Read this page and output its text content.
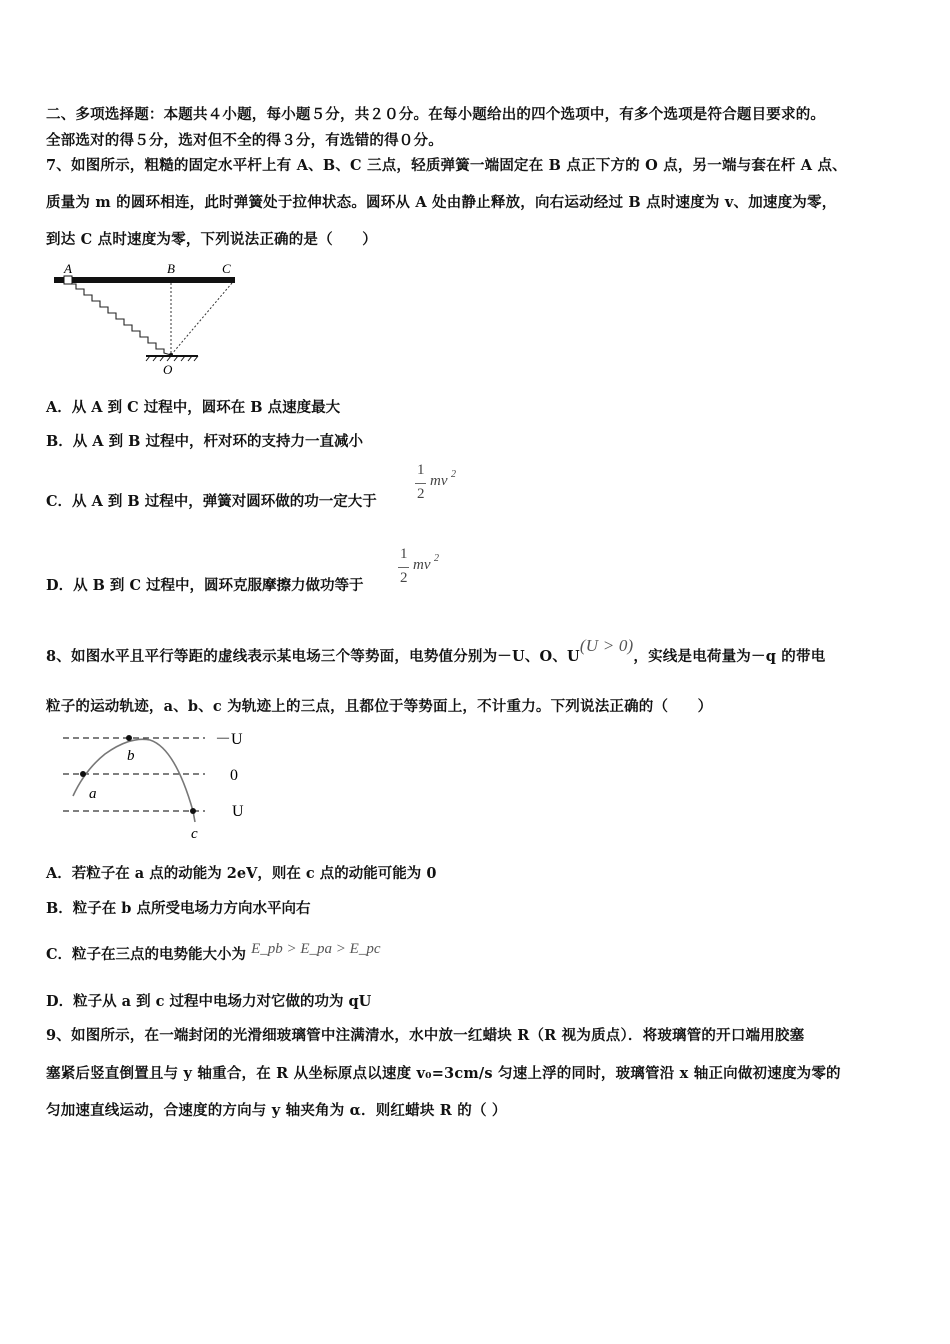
二、多项选择题：本题共４小题，每小题５分，共２０分。在每小题给出的四个选项中，有多个选项是符合题目要求的。
全部选对的得５分，选对但不全的得３分，有选错的得０分。
7、如图所示，粗糙的固定水平杆上有 A、B、C 三点，轻质弹簧一端固定在 B 点正下方的 O 点，另一端与套在杆 A 点、
质量为 m 的圆环相连，此时弹簧处于拉伸状态。圆环从 A 处由静止释放，向右运动经过 B 点时速度为 v、加速度为零，
到达 C 点时速度为零，下列说法正确的是（　　）
A	B	C
O
A．从 A 到 C 过程中，圆环在 B 点速度最大
B．从 A 到 B 过程中，杆对环的支持力一直减小
C．从 A 到 B 过程中，弹簧对圆环做的功一定大于
1
2
mv 2
D．从 B 到 C 过程中，圆环克服摩擦力做功等于
1
2
mv 2
8、如图水平且平行等距的虚线表示某电场三个等势面，电势值分别为－U、O、U(U > 0)，实线是电荷量为－q 的带电
粒子的运动轨迹，a、b、c 为轨迹上的三点，且都位于等势面上，不计重力。下列说法正确的（　　）
－U
0
U
b
a
c
A．若粒子在 a 点的动能为 2eV，则在 c 点的动能可能为 0
B．粒子在 b 点所受电场力方向水平向右
C．粒子在三点的电势能大小为 E_pb > E_pa > E_pc
D．粒子从 a 到 c 过程中电场力对它做的功为 qU
9、如图所示，在一端封闭的光滑细玻璃管中注满清水，水中放一红蜡块 R（R 视为质点）．将玻璃管的开口端用胶塞
塞紧后竖直倒置且与 y 轴重合，在 R 从坐标原点以速度 v₀=3cm/s 匀速上浮的同时，玻璃管沿 x 轴正向做初速度为零的
匀加速直线运动，合速度的方向与 y 轴夹角为 α．则红蜡块 R 的（ ）
